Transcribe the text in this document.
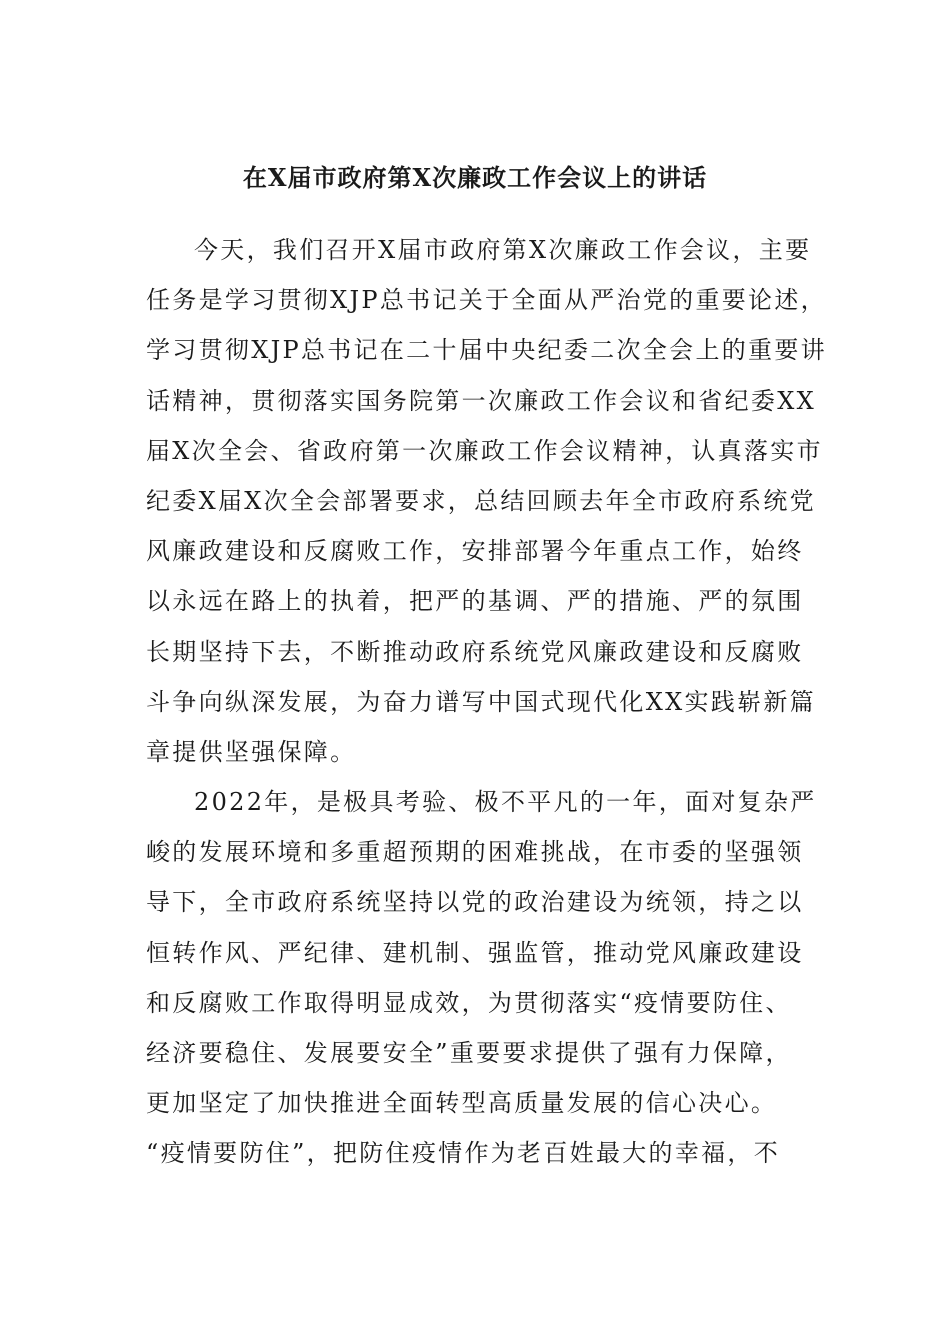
在X届市政府第X次廉政工作会议上的讲话
今天，我们召开X届市政府第X次廉政工作会议，主要
任务是学习贯彻XJP总书记关于全面从严治党的重要论述，
学习贯彻XJP总书记在二十届中央纪委二次全会上的重要讲
话精神，贯彻落实国务院第一次廉政工作会议和省纪委XX
届X次全会、省政府第一次廉政工作会议精神，认真落实市
纪委X届X次全会部署要求，总结回顾去年全市政府系统党
风廉政建设和反腐败工作，安排部署今年重点工作，始终
以永远在路上的执着，把严的基调、严的措施、严的氛围
长期坚持下去，不断推动政府系统党风廉政建设和反腐败
斗争向纵深发展，为奋力谱写中国式现代化XX实践崭新篇
章提供坚强保障。
2022年，是极具考验、极不平凡的一年，面对复杂严
峻的发展环境和多重超预期的困难挑战，在市委的坚强领
导下，全市政府系统坚持以党的政治建设为统领，持之以
恒转作风、严纪律、建机制、强监管，推动党风廉政建设
和反腐败工作取得明显成效，为贯彻落实“疫情要防住、
经济要稳住、发展要安全”重要要求提供了强有力保障，
更加坚定了加快推进全面转型高质量发展的信心决心。
“疫情要防住”，把防住疫情作为老百姓最大的幸福，不
